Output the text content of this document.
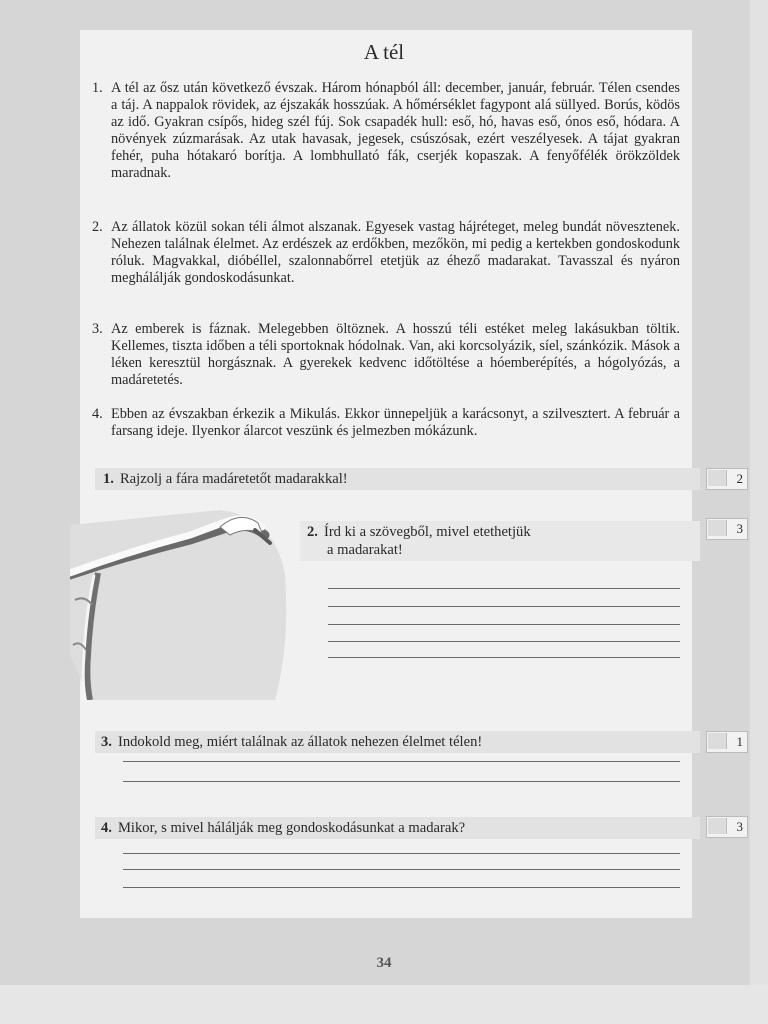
A tél
1. A tél az ősz után következő évszak. Három hónapból áll: december, január, február. Télen csendes a táj. A nappalok rövidek, az éjszakák hosszúak. A hőmérséklet fagypont alá süllyed. Borús, ködös az idő. Gyakran csípős, hideg szél fúj. Sok csapadék hull: eső, hó, havas eső, ónos eső, hódara. A növények zúzmarásak. Az utak havasak, jegesek, csúszósak, ezért veszélyesek. A tájat gyakran fehér, puha hótakaró borítja. A lombhullató fák, cserjék kopaszak. A fenyőfélék örökzöldek maradnak.
2. Az állatok közül sokan téli álmot alszanak. Egyesek vastag hájréteget, meleg bundát növesztenek. Nehezen találnak élelmet. Az erdészek az erdőkben, mezőkön, mi pedig a kertekben gondoskodunk róluk. Magvakkal, dióbéllel, szalonnabőrrel etetjük az éhező madarakat. Tavasszal és nyáron meghálálják gondoskodásunkat.
3. Az emberek is fáznak. Melegebben öltöznek. A hosszú téli estéket meleg lakásukban töltik. Kellemes, tiszta időben a téli sportoknak hódolnak. Van, aki korcsolyázik, síel, szánkózik. Mások a léken keresztül horgásznak. A gyerekek kedvenc időtöltése a hóemberépítés, a hógolyózás, a madáretetés.
4. Ebben az évszakban érkezik a Mikulás. Ekkor ünnepeljük a karácsonyt, a szilvesztert. A február a farsang ideje. Ilyenkor álarcot veszünk és jelmezben mókázunk.
1. Rajzolj a fára madáretetőt madarakkal!	2
2. Írd ki a szövegből, mivel etethetjük
a madarakat!
3
3. Indokold meg, miért találnak az állatok nehezen élelmet télen!	1
4. Mikor, s mivel hálálják meg gondoskodásunkat a madarak?	3
34
